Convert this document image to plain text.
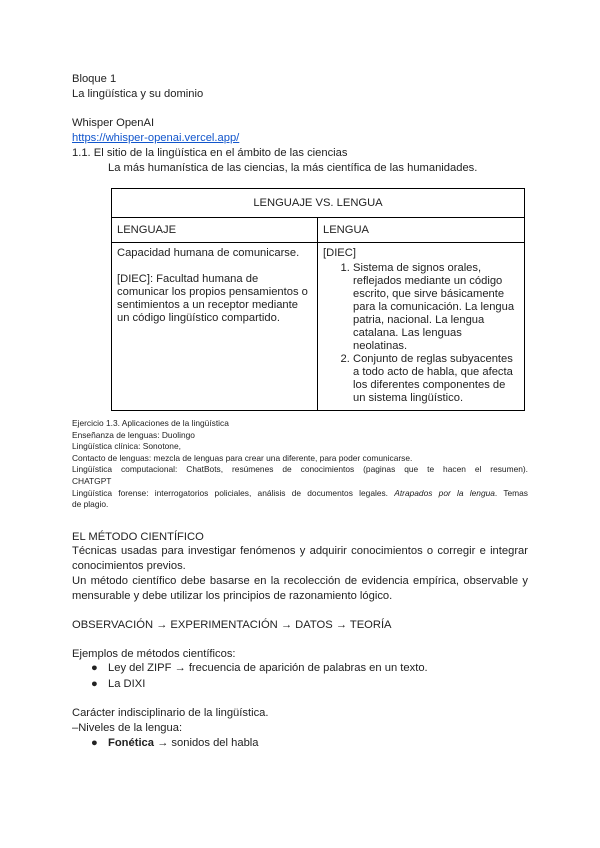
Bloque 1
La lingüística y su dominio
Whisper OpenAI
https://whisper-openai.vercel.app/
1.1. El sitio de la lingüística en el ámbito de las ciencias
La más humanística de las ciencias, la más científica de las humanidades.
LENGUAJE VS. LENGUA
LENGUAJE	LENGUA

Capacidad humana de comunicarse.

[DIEC]: Facultad humana de comunicar los propios pensamientos o sentimientos a un receptor mediante un código lingüístico compartido.

[DIEC]
1. Sistema de signos orales, reflejados mediante un código escrito, que sirve básicamente para la comunicación. La lengua patria, nacional. La lengua catalana. Las lenguas neolatinas.
2. Conjunto de reglas subyacentes a todo acto de habla, que afecta los diferentes componentes de un sistema lingüístico.
Ejercicio 1.3. Aplicaciones de la lingüística
Enseñanza de lenguas: Duolingo
Lingüística clínica: Sonotone,
Contacto de lenguas: mezcla de lenguas para crear una diferente, para poder comunicarse.
Lingüística computacional: ChatBots, resúmenes de conocimientos (paginas que te hacen el resumen).
CHATGPT
Lingüística forense: interrogatorios policiales, análisis de documentos legales. Atrapados por la lengua. Temas
de plagio.
EL MÉTODO CIENTÍFICO
Técnicas usadas para investigar fenómenos y adquirir conocimientos o corregir e integrar
conocimientos previos.
Un método científico debe basarse en la recolección de evidencia empírica, observable y
mensurable y debe utilizar los principios de razonamiento lógico.
OBSERVACIÓN → EXPERIMENTACIÓN → DATOS → TEORÍA
Ejemplos de métodos científicos:
● Ley del ZIPF → frecuencia de aparición de palabras en un texto.
● La DIXI
Carácter indisciplinario de la lingüística.
–Niveles de la lengua:
● Fonética → sonidos del habla
